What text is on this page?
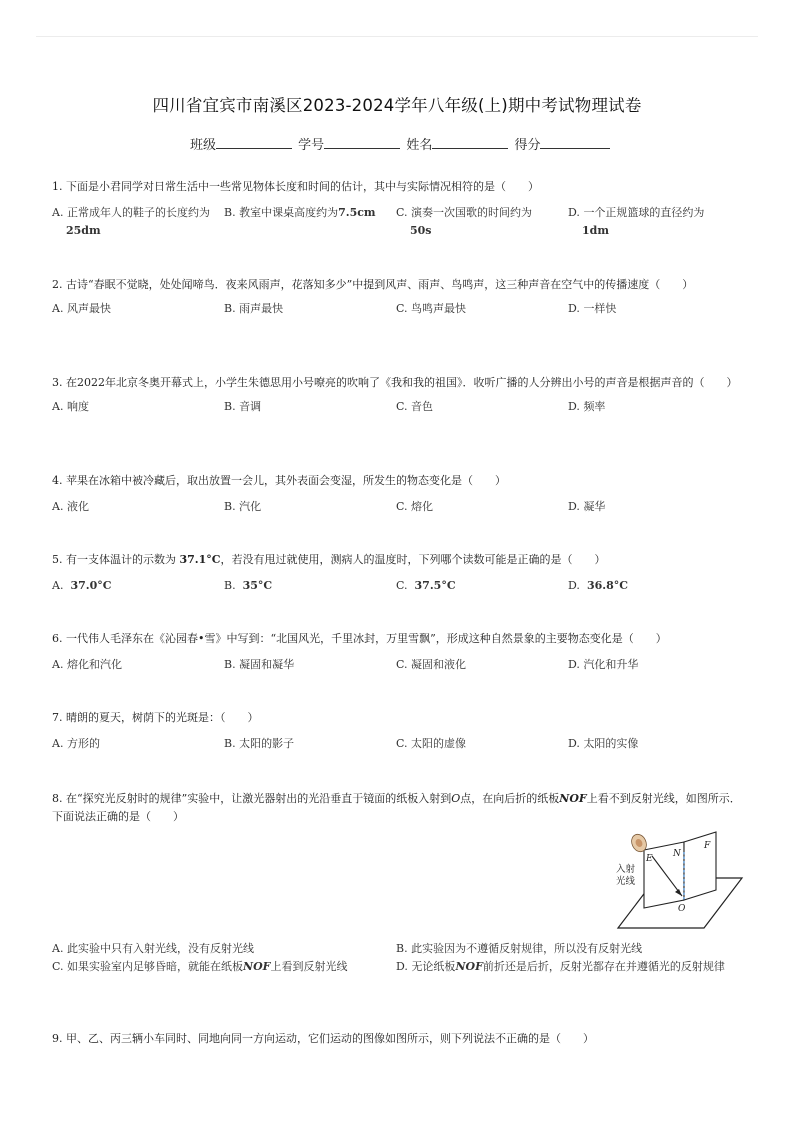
四川省宜宾市南溪区2023-2024学年八年级(上)期中考试物理试卷
班级	学号	姓名	得分
1. 下面是小君同学对日常生活中一些常见物体长度和时间的估计，其中与实际情况相符的是（　　）
A. 正常成年人的鞋子的长度约为
25dm
B. 教室中课桌高度约为7.5cm	C. 演奏一次国歌的时间约为
50s
D. 一个正规篮球的直径约为
1dm
2. 古诗“春眠不觉晓，处处闻啼鸟．夜来风雨声，花落知多少”中提到风声、雨声、鸟鸣声，这三种声音在空气中的传播速度（　　）
A. 风声最快	B. 雨声最快	C. 鸟鸣声最快	D. 一样快
3. 在2022年北京冬奥开幕式上，小学生朱德思用小号嘹亮的吹响了《我和我的祖国》．收听广播的人分辨出小号的声音是根据声音的（　　）
A. 响度	B. 音调	C. 音色	D. 频率
4. 苹果在冰箱中被冷藏后，取出放置一会儿，其外表面会变湿，所发生的物态变化是（　　）
A. 液化	B. 汽化	C. 熔化	D. 凝华
5. 有一支体温计的示数为 37.1°C，若没有甩过就使用，测病人的温度时，下列哪个读数可能是正确的是（　　）
A. 37.0°C	B. 35°C	C. 37.5°C	D. 36.8°C
6. 一代伟人毛泽东在《沁园春•雪》中写到：“北国风光，千里冰封，万里雪飘”，形成这种自然景象的主要物态变化是（　　）
A. 熔化和汽化	B. 凝固和凝华	C. 凝固和液化	D. 汽化和升华
7. 晴朗的夏天，树荫下的光斑是：（　　）
A. 方形的	B. 太阳的影子	C. 太阳的虚像	D. 太阳的实像
8. 在“探究光反射时的规律”实验中，让激光器射出的光沿垂直于镜面的纸板入射到O点，在向后折的纸板NOF上看不到反射光线，如图所示．下面说法正确的是（　　）
E N
F
O
入射
光线
A. 此实验中只有入射光线，没有反射光线	B. 此实验因为不遵循反射规律，所以没有反射光线
C. 如果实验室内足够昏暗，就能在纸板NOF上看到反射光线	D. 无论纸板NOF前折还是后折，反射光都存在并遵循光的反射规律
9. 甲、乙、丙三辆小车同时、同地向同一方向运动，它们运动的图像如图所示，则下列说法不正确的是（　　）
